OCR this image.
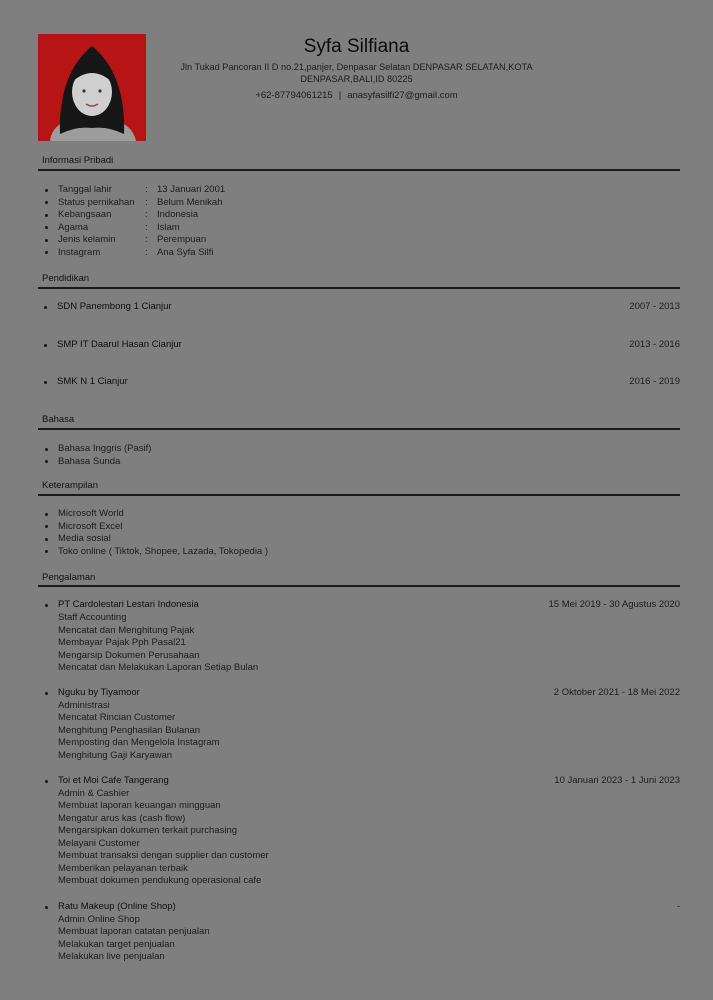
Syfa Silfiana
Jln Tukad Pancoran II D no.21,panjer, Denpasar Selatan DENPASAR SELATAN,KOTA
DENPASAR,BALI,ID 80225
+62-87794061215 | anasyfasilfi27@gmail.com
Informasi Pribadi
Tanggal lahir	: 13 Januari 2001
Status pernikahan : Belum Menikah
Kebangsaan	: Indonesia
Agama	: Islam
Jenis kelamin	: Perempuan
Instagram	: Ana Syfa Silfi
Pendidikan
SDN Panembong 1 Cianjur	2007 - 2013
SMP IT Daarul Hasan Cianjur	2013 - 2016
SMK N 1 Cianjur	2016 - 2019
Bahasa
Bahasa Inggris (Pasif)
Bahasa Sunda
Keterampilan
Microsoft World
Microsoft Excel
Media sosial
Toko online ( Tiktok, Shopee, Lazada, Tokopedia )
Pengalaman
PT Cardolestari Lestari Indonesia	15 Mei 2019 - 30 Agustus 2020
Staff Accounting
Mencatat dan Menghitung Pajak
Membayar Pajak Pph Pasal21
Mengarsip Dokumen Perusahaan
Mencatat dan Melakukan Laporan Setiap Bulan
Nguku by Tiyamoor	2 Oktober 2021 - 18 Mei 2022
Administrasi
Mencatat Rincian Customer
Menghitung Penghasilan Bulanan
Memposting dan Mengelola Instagram
Menghitung Gaji Karyawan
Toi et Moi Cafe Tangerang	10 Januari 2023 - 1 Juni 2023
Admin & Cashier
Membuat laporan keuangan mingguan
Mengatur arus kas (cash flow)
Mengarsipkan dokumen terkait purchasing
Melayani Customer
Membuat transaksi dengan supplier dan customer
Memberikan pelayanan terbaik
Membuat dokumen pendukung operasional cafe
Ratu Makeup (Online Shop)	-
Admin Online Shop
Membuat laporan catatan penjualan
Melakukan target penjualan
Melakukan live penjualan
